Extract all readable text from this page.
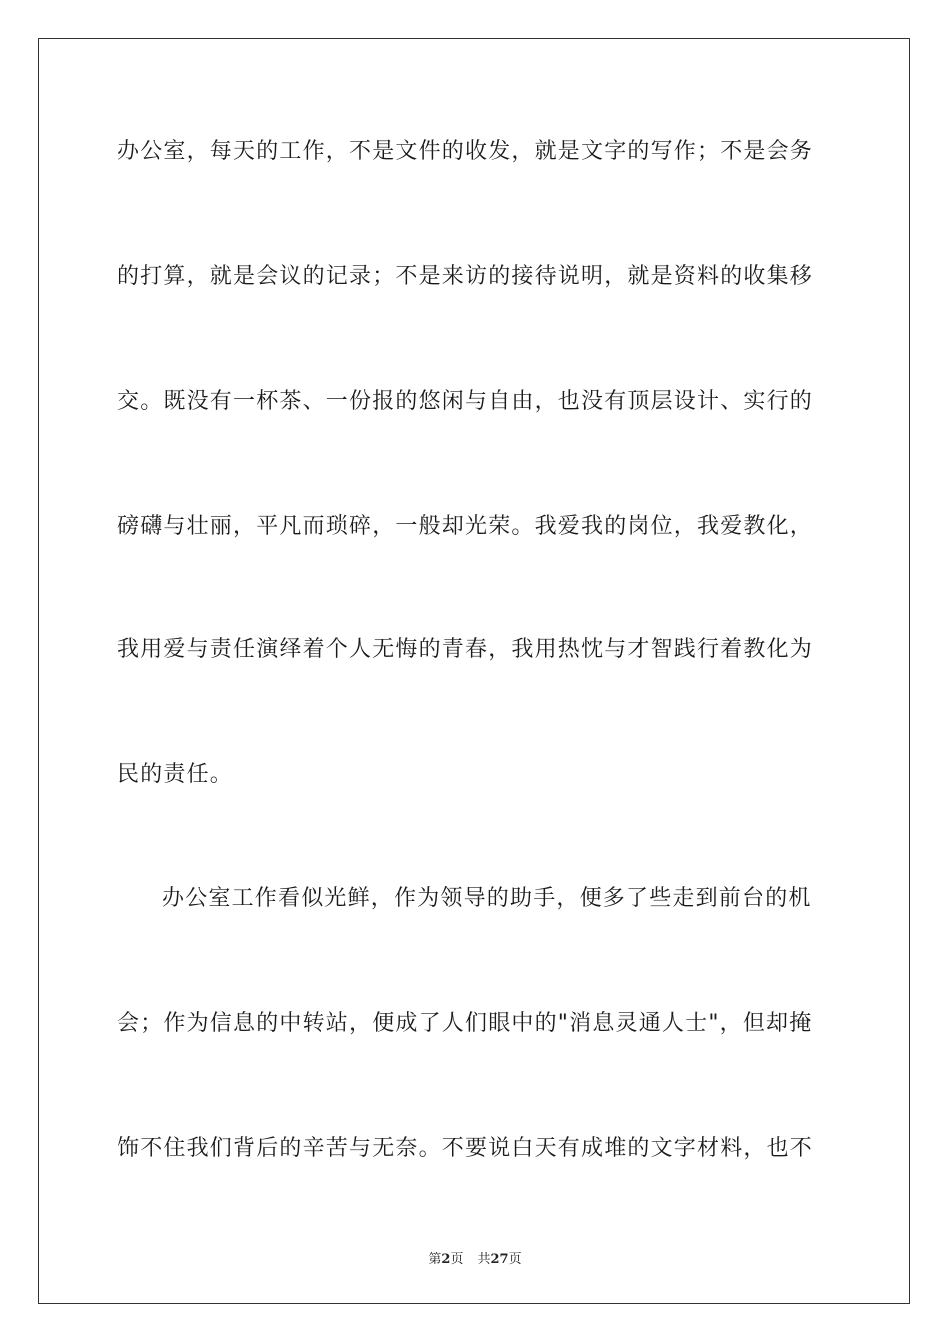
办公室，每天的工作，不是文件的收发，就是文字的写作；不是会务
的打算，就是会议的记录；不是来访的接待说明，就是资料的收集移
交。既没有一杯茶、一份报的悠闲与自由，也没有顶层设计、实行的
磅礴与壮丽，平凡而琐碎，一般却光荣。我爱我的岗位，我爱教化，
我用爱与责任演绎着个人无悔的青春，我用热忱与才智践行着教化为
民的责任。
办公室工作看似光鲜，作为领导的助手，便多了些走到前台的机
会；作为信息的中转站，便成了人们眼中的"消息灵通人士"，但却掩
饰不住我们背后的辛苦与无奈。不要说白天有成堆的文字材料，也不
第2页 共27页
